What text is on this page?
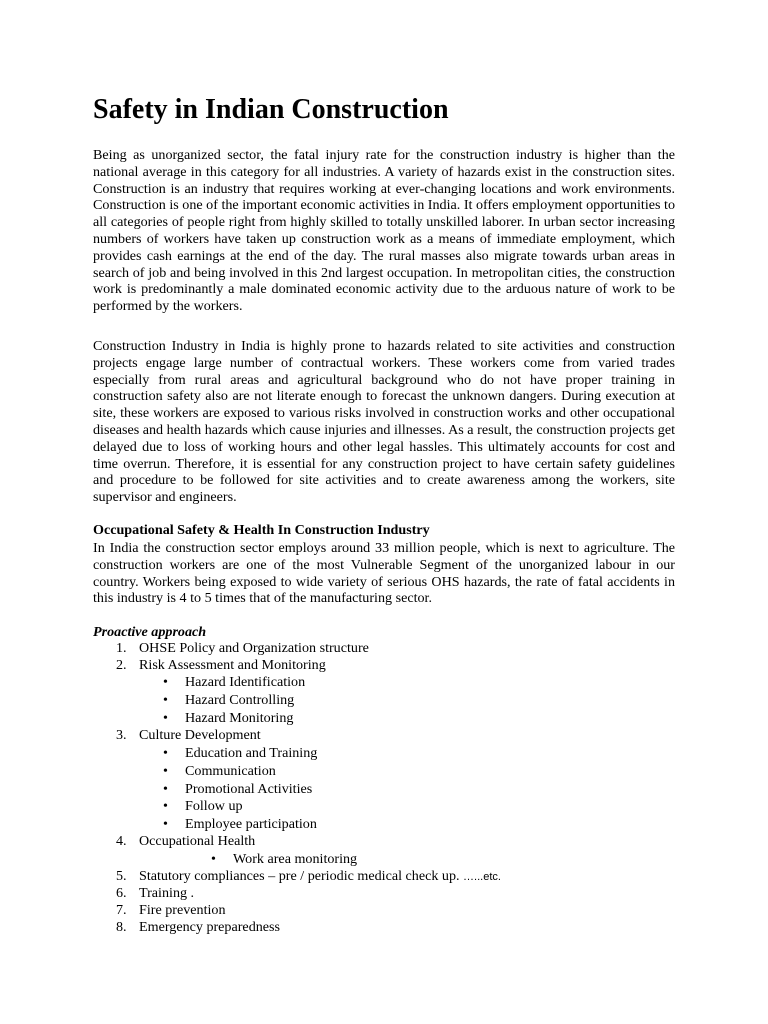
Safety in Indian Construction

Being as unorganized sector, the fatal injury rate for the construction industry is higher than the national average in this category for all industries. A variety of hazards exist in the construction sites. Construction is an industry that requires working at ever-changing locations and work environments. Construction is one of the important economic activities in India. It offers employment opportunities to all categories of people right from highly skilled to totally unskilled laborer. In urban sector increasing numbers of workers have taken up construction work as a means of immediate employment, which provides cash earnings at the end of the day. The rural masses also migrate towards urban areas in search of job and being involved in this 2nd largest occupation. In metropolitan cities, the construction work is predominantly a male dominated economic activity due to the arduous nature of work to be performed by the workers.

Construction Industry in India is highly prone to hazards related to site activities and construction projects engage large number of contractual workers. These workers come from varied trades especially from rural areas and agricultural background who do not have proper training in construction safety also are not literate enough to forecast the unknown dangers. During execution at site, these workers are exposed to various risks involved in construction works and other occupational diseases and health hazards which cause injuries and illnesses. As a result, the construction projects get delayed due to loss of working hours and other legal hassles. This ultimately accounts for cost and time overrun. Therefore, it is essential for any construction project to have certain safety guidelines and procedure to be followed for site activities and to create awareness among the workers, site supervisor and engineers.

Occupational Safety & Health In Construction Industry

In India the construction sector employs around 33 million people, which is next to agriculture. The construction workers are one of the most Vulnerable Segment of the unorganized labour in our country. Workers being exposed to wide variety of serious OHS hazards, the rate of fatal accidents in this industry is 4 to 5 times that of the manufacturing sector.

Proactive approach

1. OHSE Policy and Organization structure
2. Risk Assessment and Monitoring
• Hazard Identification
• Hazard Controlling
• Hazard Monitoring
3. Culture Development
• Education and Training
• Communication
• Promotional Activities
• Follow up
• Employee participation
4. Occupational Health
• Work area monitoring
5. Statutory compliances – pre / periodic medical check up. …...etc.
6. Training .
7. Fire prevention
8. Emergency preparedness
